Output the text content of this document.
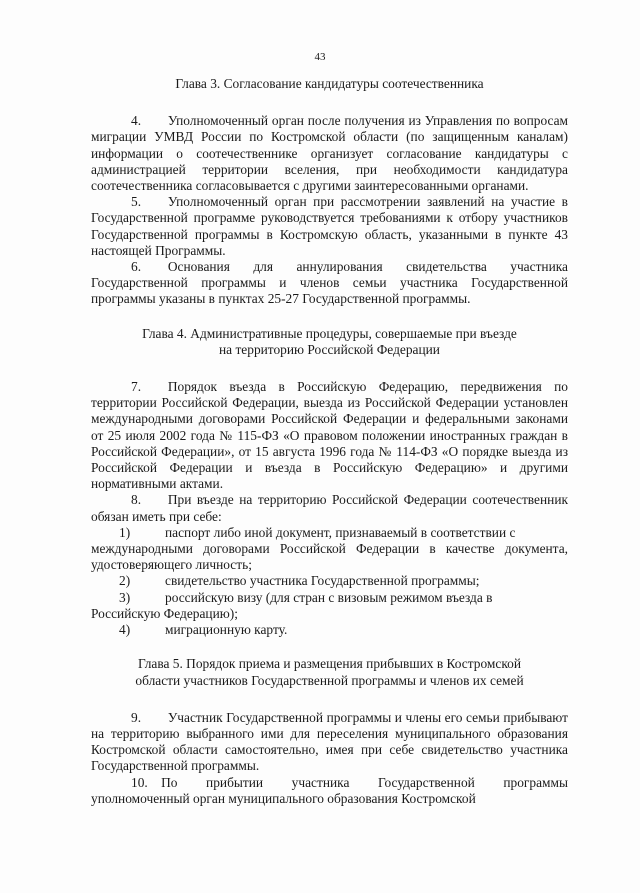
43
Глава 3. Согласование кандидатуры соотечественника

4.  Уполномоченный орган после получения из Управления по вопросам миграции УМВД России по Костромской области (по защищенным каналам) информации о соотечественнике организует согласование кандидатуры с администрацией территории вселения, при необходимости кандидатура соотечественника согласовывается с другими заинтересованными органами.

5.  Уполномоченный орган при рассмотрении заявлений на участие в Государственной программе руководствуется требованиями к отбору участников Государственной программы в Костромскую область, указанными в пункте 43 настоящей Программы.

6.  Основания для аннулирования свидетельства участника Государственной программы и членов семьи участника Государственной программы указаны в пунктах 25-27 Государственной программы.

Глава 4. Административные процедуры, совершаемые при въезде
на территорию Российской Федерации

7.  Порядок въезда в Российскую Федерацию, передвижения по территории Российской Федерации, выезда из Российской Федерации установлен международными договорами Российской Федерации и федеральными законами от 25 июля 2002 года № 115-ФЗ «О правовом положении иностранных граждан в Российской Федерации», от 15 августа 1996 года № 114-ФЗ «О порядке выезда из Российской Федерации и въезда в Российскую Федерацию» и другими нормативными актами.

8.  При въезде на территорию Российской Федерации соотечественник обязан иметь при себе:

1)	паспорт либо иной документ, признаваемый в соответствии с

международными договорами Российской Федерации в качестве документа, удостоверяющего личность;

2)	свидетельство участника Государственной программы;
3)	российскую визу (для стран с визовым режимом въезда в

Российскую Федерацию);

4)	миграционную карту.
Глава 5. Порядок приема и размещения прибывших в Костромской
области участников Государственной программы и членов их семей

9.  Участник Государственной программы и члены его семьи прибывают на территорию выбранного ими для переселения муниципального образования Костромской области самостоятельно, имея при себе свидетельство участника Государственной программы.

10. По прибытии участника Государственной программы уполномоченный орган муниципального образования Костромской
